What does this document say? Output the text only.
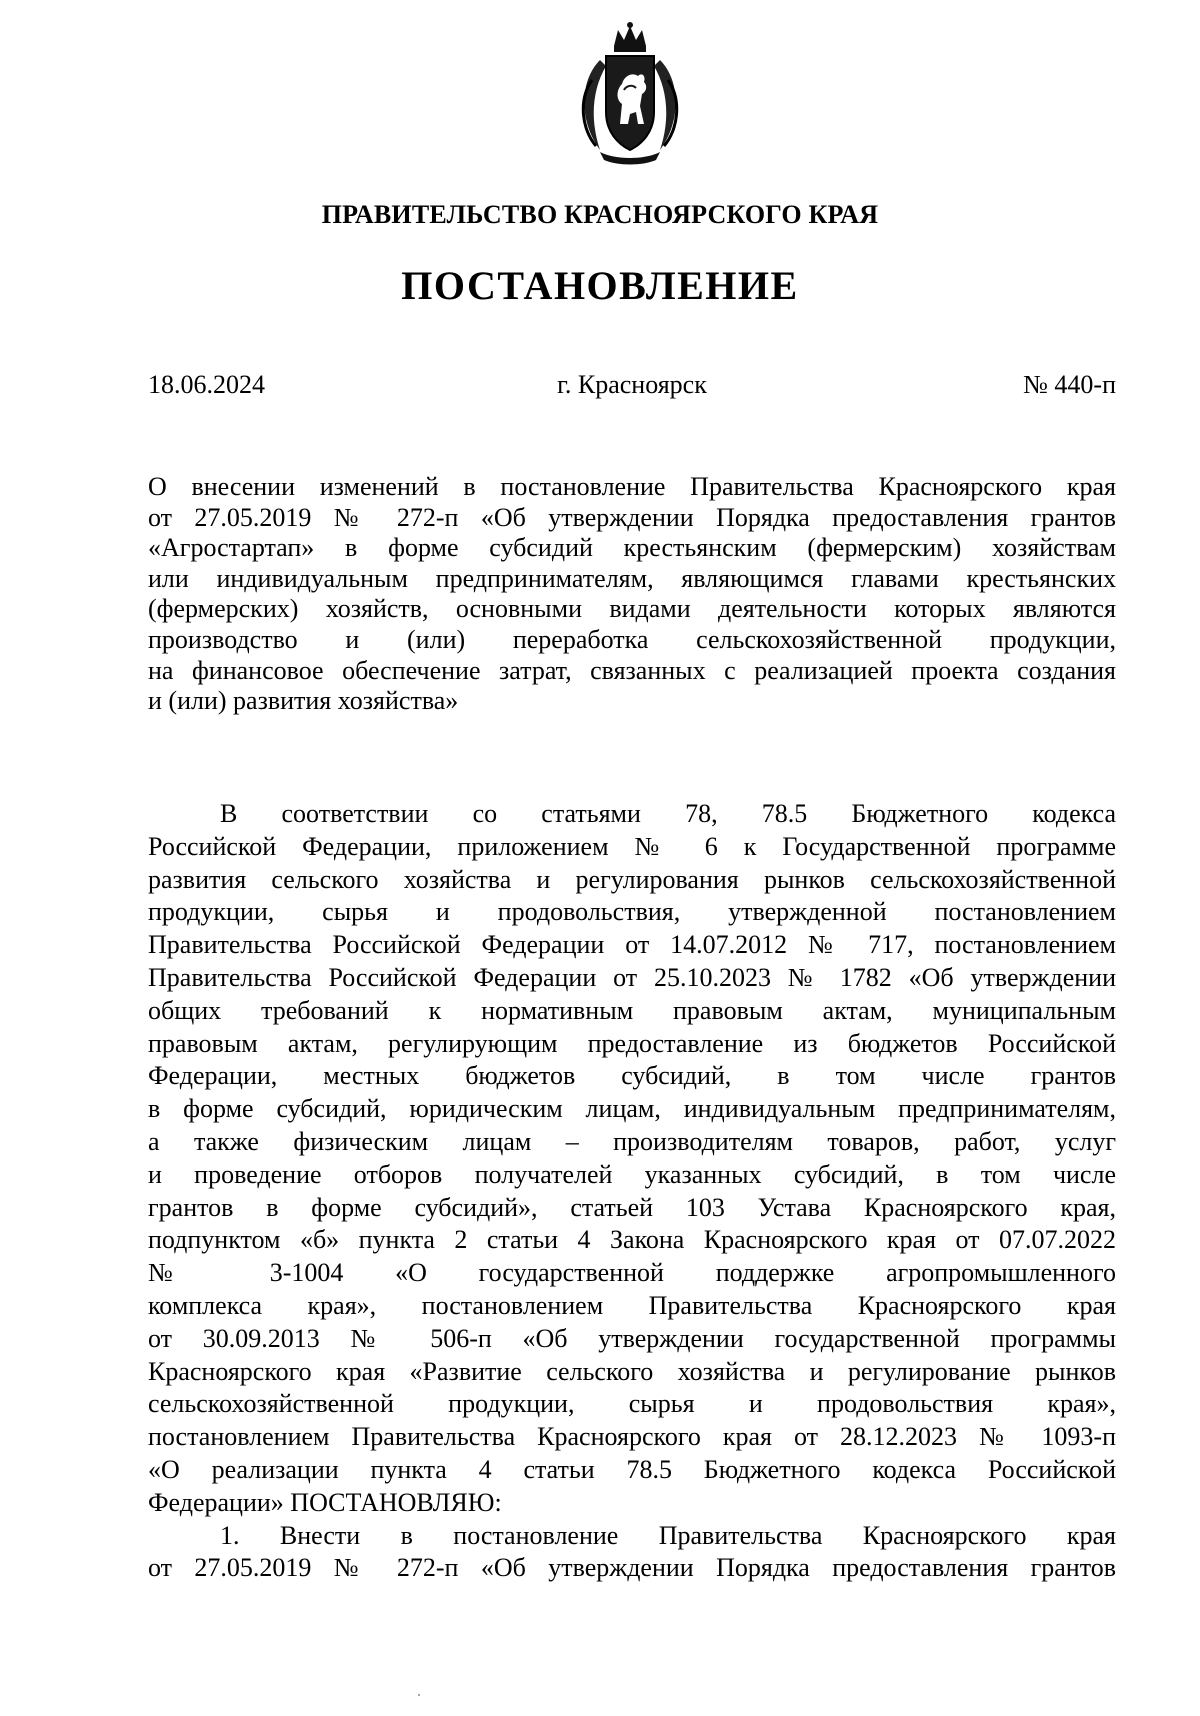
ПРАВИТЕЛЬСТВО КРАСНОЯРСКОГО КРАЯ
ПОСТАНОВЛЕНИЕ
18.06.2024	г. Красноярск	№ 440-п
О внесении изменений в постановление Правительства Красноярского края
от 27.05.2019 № 272-п «Об утверждении Порядка предоставления грантов
«Агростартап» в форме субсидий крестьянским (фермерским) хозяйствам
или индивидуальным предпринимателям, являющимся главами крестьянских
(фермерских) хозяйств, основными видами деятельности которых являются
производство и (или) переработка сельскохозяйственной продукции,
на финансовое обеспечение затрат, связанных с реализацией проекта создания
и (или) развития хозяйства»
В соответствии со статьями 78, 78.5 Бюджетного кодекса
Российской Федерации, приложением № 6 к Государственной программе
развития сельского хозяйства и регулирования рынков сельскохозяйственной
продукции, сырья и продовольствия, утвержденной постановлением
Правительства Российской Федерации от 14.07.2012 № 717, постановлением
Правительства Российской Федерации от 25.10.2023 № 1782 «Об утверждении
общих требований к нормативным правовым актам, муниципальным
правовым актам, регулирующим предоставление из бюджетов Российской
Федерации, местных бюджетов субсидий, в том числе грантов
в форме субсидий, юридическим лицам, индивидуальным предпринимателям,
а также физическим лицам – производителям товаров, работ, услуг
и проведение отборов получателей указанных субсидий, в том числе
грантов в форме субсидий», статьей 103 Устава Красноярского края,
подпунктом «б» пункта 2 статьи 4 Закона Красноярского края от 07.07.2022
№ 3-1004 «О государственной поддержке агропромышленного
комплекса края», постановлением Правительства Красноярского края
от 30.09.2013 № 506-п «Об утверждении государственной программы
Красноярского края «Развитие сельского хозяйства и регулирование рынков
сельскохозяйственной продукции, сырья и продовольствия края»,
постановлением Правительства Красноярского края от 28.12.2023 № 1093-п
«О реализации пункта 4 статьи 78.5 Бюджетного кодекса Российской
Федерации» ПОСТАНОВЛЯЮ:
1. Внести в постановление Правительства Красноярского края
от 27.05.2019 № 272-п «Об утверждении Порядка предоставления грантов
